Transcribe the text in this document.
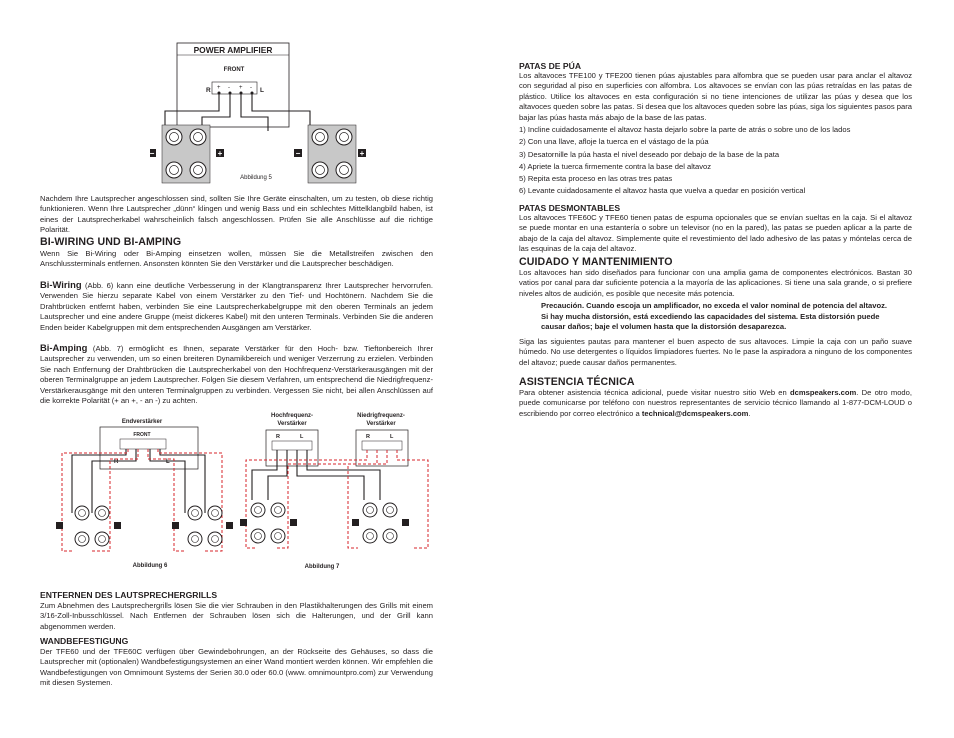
POWER AMPLIFIER
FRONT
R	L
+ - + -
−	+	−	+
Abbildung 5

Nachdem Ihre Lautsprecher angeschlossen sind, sollten Sie Ihre Geräte einschalten, um zu testen, ob diese richtig funktionieren. Wenn Ihre Lautsprecher „dünn“ klingen und wenig Bass und ein schlechtes Mittelklangbild haben, ist eines der Lautsprecherkabel wahrscheinlich falsch angeschlossen. Prüfen Sie alle Anschlüsse auf die richtige Polarität.

BI-WIRING UND BI-AMPING

Wenn Sie Bi-Wiring oder Bi-Amping einsetzen wollen, müssen Sie die Metallstreifen zwischen den Anschlussterminals entfernen. Ansonsten könnten Sie den Verstärker und die Lautsprecher beschädigen.

Bi-Wiring (Abb. 6) kann eine deutliche Verbesserung in der Klangtransparenz Ihrer Lautsprecher hervorrufen. Verwenden Sie hierzu separate Kabel von einem Verstärker zu den Tief- und Hochtönern. Nachdem Sie die Drahtbrücken entfernt haben, verbinden Sie eine Lautsprecherkabelgruppe mit den oberen Terminals an jedem Lautsprecher und eine andere Gruppe (meist dickeres Kabel) mit den unteren Terminals. Verbinden Sie die anderen Enden beider Kabelgruppen mit dem entsprechenden Ausgängen am Verstärker.

Bi-Amping (Abb. 7) ermöglicht es Ihnen, separate Verstärker für den Hoch- bzw. Tieftonbereich Ihrer Lautsprecher zu verwenden, um so einen breiteren Dynamikbereich und weniger Verzerrung zu erzielen. Verbinden Sie nach Entfernung der Drahtbrücken die Lautsprecherkabel von den Hochfrequenz-Verstärkerausgängen mit der oberen Terminalgruppe an jedem Lautsprecher. Folgen Sie diesem Verfahren, um entsprechend die Niedrigfrequenz-Verstärkerausgänge mit den unteren Terminalgruppen zu verbinden. Vergessen Sie nicht, bei allen Anschlüssen auf die korrekte Polarität (+ an +, - an -) zu achten.

Endverstärker
FRONT
R	L
Abbildung 6
Hochfrequenz-
Verstärker
Niedrigfrequenz-
Verstärker
R	L	R	L
Abbildung 7
ENTFERNEN DES LAUTSPRECHERGRILLS

Zum Abnehmen des Lautsprechergrills lösen Sie die vier Schrauben in den Plastikhalterungen des Grills mit einem 3/16-Zoll-Inbusschlüssel. Nach Entfernen der Schrauben lösen sich die Halterungen, und der Grill kann abgenommen werden.

WANDBEFESTIGUNG

Der TFE60 und der TFE60C verfügen über Gewindebohrungen, an der Rückseite des Gehäuses, so dass die Lautsprecher mit (optionalen) Wandbefestigungsystemen an einer Wand montiert werden können. Wir empfehlen die Wandbefestigungen von Omnimount Systems der Serien 30.0 oder 60.0 (www. omnimountpro.com) zur Verwendung mit diesen Systemen.

PATAS DE PÚA

Los altavoces TFE100 y TFE200 tienen púas ajustables para alfombra que se pueden usar para anclar el altavoz con seguridad al piso en superficies con alfombra. Los altavoces se envían con las púas retraídas en las patas de plástico. Utilice los altavoces en esta configuración si no tiene intenciones de utilizar las púas y desea que los altavoces queden sobre las patas. Si desea que los altavoces queden sobre las púas, siga los siguientes pasos para bajar las púas hasta más abajo de la base de las patas.

1) Incline cuidadosamente el altavoz hasta dejarlo sobre la parte de atrás o sobre uno de los lados

2) Con una llave, afloje la tuerca en el vástago de la púa

3) Desatornille la púa hasta el nivel deseado por debajo de la base de la pata

4) Apriete la tuerca firmemente contra la base del altavoz

5) Repita esta proceso en las otras tres patas

6) Levante cuidadosamente el altavoz hasta que vuelva a quedar en posición vertical

PATAS DESMONTABLES

Los altavoces TFE60C y TFE60 tienen patas de espuma opcionales que se envían sueltas en la caja. Si el altavoz se puede montar en una estantería o sobre un televisor (no en la pared), las patas se pueden aplicar a la parte de abajo de la caja del altavoz. Simplemente quite el revestimiento del lado adhesivo de las patas y móntelas cerca de las esquinas de la caja del altavoz.

CUIDADO Y MANTENIMIENTO

Los altavoces han sido diseñados para funcionar con una amplia gama de componentes electrónicos. Bastan 30 vatios por canal para dar suficiente potencia a la mayoría de las aplicaciones. Si tiene una sala grande, o si prefiere niveles altos de audición, es posible que necesite más potencia.

Precaución. Cuando escoja un amplificador, no exceda el valor nominal de potencia del altavoz. Si hay mucha distorsión, está excediendo las capacidades del sistema. Esta distorsión puede causar daños; baje el volumen hasta que la distorsión desaparezca.

Siga las siguientes pautas para mantener el buen aspecto de sus altavoces. Limpie la caja con un paño suave húmedo. No use detergentes o líquidos limpiadores fuertes. No le pase la aspiradora a ninguno de los componentes del altavoz; puede causar daños permanentes.

ASISTENCIA TÉCNICA

Para obtener asistencia técnica adicional, puede visitar nuestro sitio Web en dcmspeakers.com. De otro modo, puede comunicarse por teléfono con nuestros representantes de servicio técnico llamando al 1-877-DCM-LOUD o escribiendo por correo electrónico a technical@dcmspeakers.com.
